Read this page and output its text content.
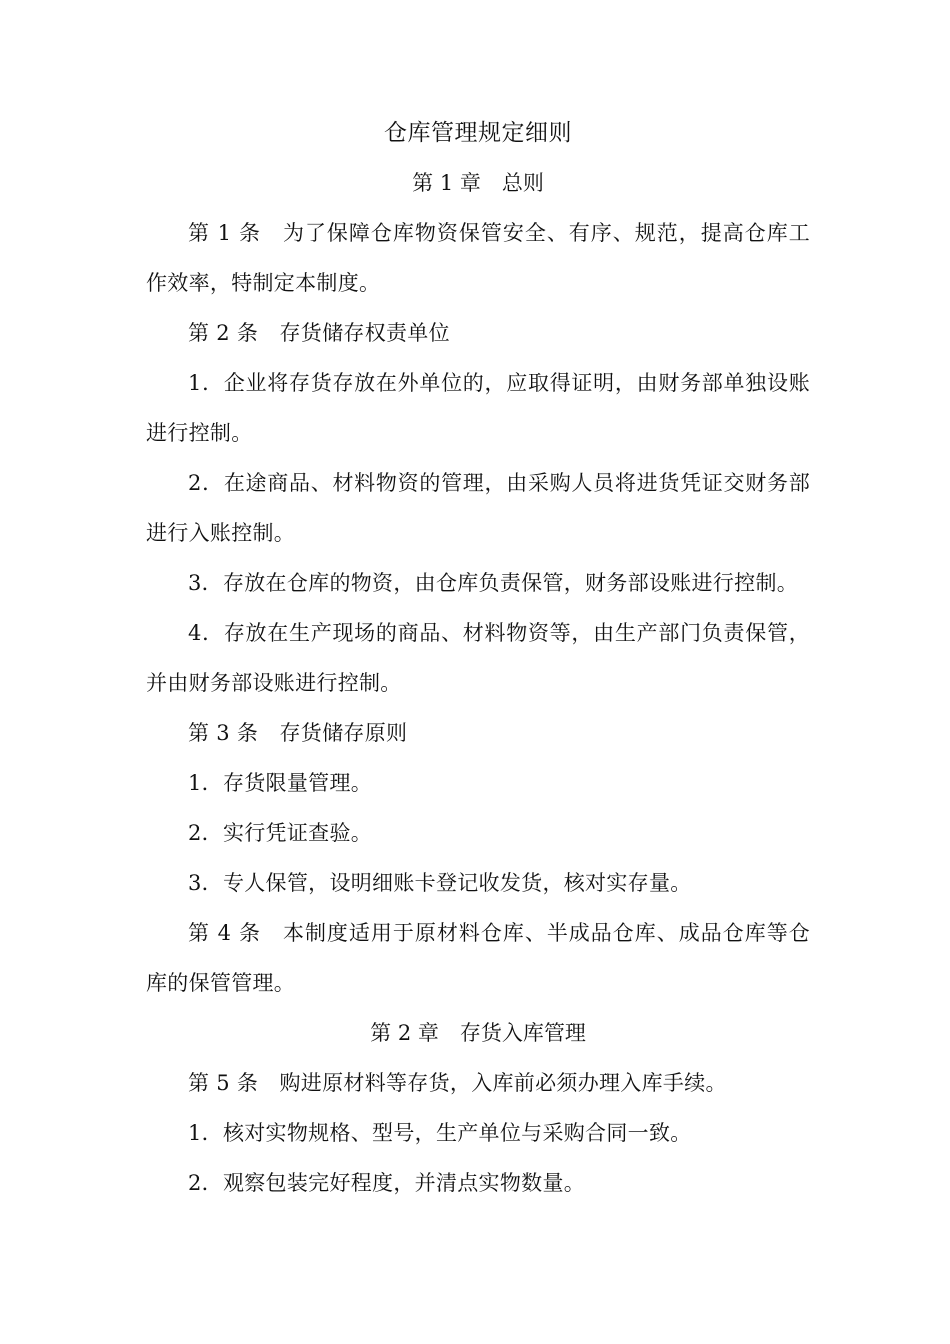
仓库管理规定细则
第 1 章　总则

第 1 条　为了保障仓库物资保管安全、有序、规范，提高仓库工作效率，特制定本制度。

第 2 条　存货储存权责单位

1．企业将存货存放在外单位的，应取得证明，由财务部单独设账进行控制。

2．在途商品、材料物资的管理，由采购人员将进货凭证交财务部进行入账控制。

3．存放在仓库的物资，由仓库负责保管，财务部设账进行控制。

4．存放在生产现场的商品、材料物资等，由生产部门负责保管，并由财务部设账进行控制。

第 3 条　存货储存原则

1．存货限量管理。

2．实行凭证查验。

3．专人保管，设明细账卡登记收发货，核对实存量。

第 4 条　本制度适用于原材料仓库、半成品仓库、成品仓库等仓库的保管管理。

第 2 章　存货入库管理

第 5 条　购进原材料等存货，入库前必须办理入库手续。

1．核对实物规格、型号，生产单位与采购合同一致。

2．观察包装完好程度，并清点实物数量。
